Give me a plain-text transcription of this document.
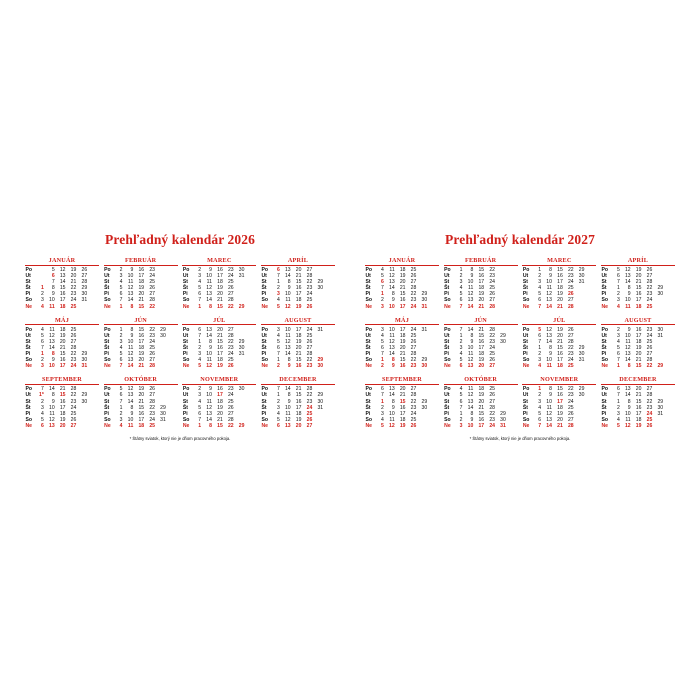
Prehľadný kalendár 2026
JANUÁR
Po	5	12	19	26
Ut	6	13	20	27
St	7	14	21	28
Št	1	8	15	22	29
Pi	2	9	16	23	30
So	3	10	17	24	31
Ne	4	11	18	25
FEBRUÁR
Po	2	9	16	23
Ut	3	10	17	24
St	4	11	18	25
Št	5	12	19	26
Pi	6	13	20	27
So	7	14	21	28
Ne	1	8	15	22
MAREC
Po	2	9	16	23	30
Ut	3	10	17	24	31
St	4	11	18	25
Št	5	12	19	26
Pi	6	13	20	27
So	7	14	21	28
Ne	1	8	15	22	29
APRÍL
Po	6	13	20	27
Ut	7	14	21	28
St	1	8	15	22	29
Št	2	9	16	23	30
Pi	3	10	17	24
So	4	11	18	25
Ne	5	12	19	26
MÁJ
Po	4	11	18	25
Ut	5	12	19	26
St	6	13	20	27
Št	7	14	21	28
Pi	1	8	15	22	29
So	2	9	16	23	30
Ne	3	10	17	24	31
JÚN
Po	1	8	15	22	29
Ut	2	9	16	23	30
St	3	10	17	24
Št	4	11	18	25
Pi	5	12	19	26
So	6	13	20	27
Ne	7	14	21	28
JÚL
Po	6	13	20	27
Ut	7	14	21	28
St	1	8	15	22	29
Št	2	9	16	23	30
Pi	3	10	17	24	31
So	4	11	18	25
Ne	5	12	19	26
AUGUST
Po	3	10	17	24	31
Ut	4	11	18	25
St	5	12	19	26
Št	6	13	20	27
Pi	7	14	21	28
So	1	8	15	22	29
Ne	2	9	16	23	30
SEPTEMBER
Po	7	14	21	28
Ut	1*	8	15	22	29
St	2	9	16	23	30
Št	3	10	17	24
Pi	4	11	18	25
So	5	12	19	26
Ne	6	13	20	27
OKTÓBER
Po	5	12	19	26
Ut	6	13	20	27
St	7	14	21	28
Št	1	8	15	22	29
Pi	2	9	16	23	30
So	3	10	17	24	31
Ne	4	11	18	25
NOVEMBER
Po	2	9	16	23	30
Ut	3	10	17	24
St	4	11	18	25
Št	5	12	19	26
Pi	6	13	20	27
So	7	14	21	28
Ne	1	8	15	22	29
DECEMBER
Po	7	14	21	28
Ut	1	8	15	22	29
St	2	9	16	23	30
Št	3	10	17	24	31
Pi	4	11	18	25
So	5	12	19	26
Ne	6	13	20	27
* Štátny sviatok, ktorý nie je dňom pracovného pokoja.
Prehľadný kalendár 2027
JANUÁR
Po	4	11	18	25
Ut	5	12	19	26
St	6	13	20	27
Št	7	14	21	28
Pi	1	8	15	22	29
So	2	9	16	23	30
Ne	3	10	17	24	31
FEBRUÁR
Po	1	8	15	22
Ut	2	9	16	23
St	3	10	17	24
Št	4	11	18	25
Pi	5	12	19	26
So	6	13	20	27
Ne	7	14	21	28
MAREC
Po	1	8	15	22	29
Ut	2	9	16	23	30
St	3	10	17	24	31
Št	4	11	18	25
Pi	5	12	19	26
So	6	13	20	27
Ne	7	14	21	28
APRÍL
Po	5	12	19	26
Ut	6	13	20	27
St	7	14	21	28
Št	1	8	15	22	29
Pi	2	9	16	23	30
So	3	10	17	24
Ne	4	11	18	25
MÁJ
Po	3	10	17	24	31
Ut	4	11	18	25
St	5	12	19	26
Št	6	13	20	27
Pi	7	14	21	28
So	1	8	15	22	29
Ne	2	9	16	23	30
JÚN
Po	7	14	21	28
Ut	1	8	15	22	29
St	2	9	16	23	30
Št	3	10	17	24
Pi	4	11	18	25
So	5	12	19	26
Ne	6	13	20	27
JÚL
Po	5	12	19	26
Ut	6	13	20	27
St	7	14	21	28
Št	1	8	15	22	29
Pi	2	9	16	23	30
So	3	10	17	24	31
Ne	4	11	18	25
AUGUST
Po	2	9	16	23	30
Ut	3	10	17	24	31
St	4	11	18	25
Št	5	12	19	26
Pi	6	13	20	27
So	7	14	21	28
Ne	1	8	15	22	29
SEPTEMBER
Po	6	13	20	27
Ut	7	14	21	28
St	1	8	15	22	29
Št	2	9	16	23	30
Pi	3	10	17	24
So	4	11	18	25
Ne	5	12	19	26
OKTÓBER
Po	4	11	18	25
Ut	5	12	19	26
St	6	13	20	27
Št	7	14	21	28
Pi	1	8	15	22	29
So	2	9	16	23	30
Ne	3	10	17	24	31
NOVEMBER
Po	1	8	15	22	29
Ut	2	9	16	23	30
St	3	10	17	24
Št	4	11	18	25
Pi	5	12	19	26
So	6	13	20	27
Ne	7	14	21	28
DECEMBER
Po	6	13	20	27
Ut	7	14	21	28
St	1	8	15	22	29
Št	2	9	16	23	30
Pi	3	10	17	24	31
So	4	11	18	25
Ne	5	12	19	26
* Štátny sviatok, ktorý nie je dňom pracovného pokoja.
